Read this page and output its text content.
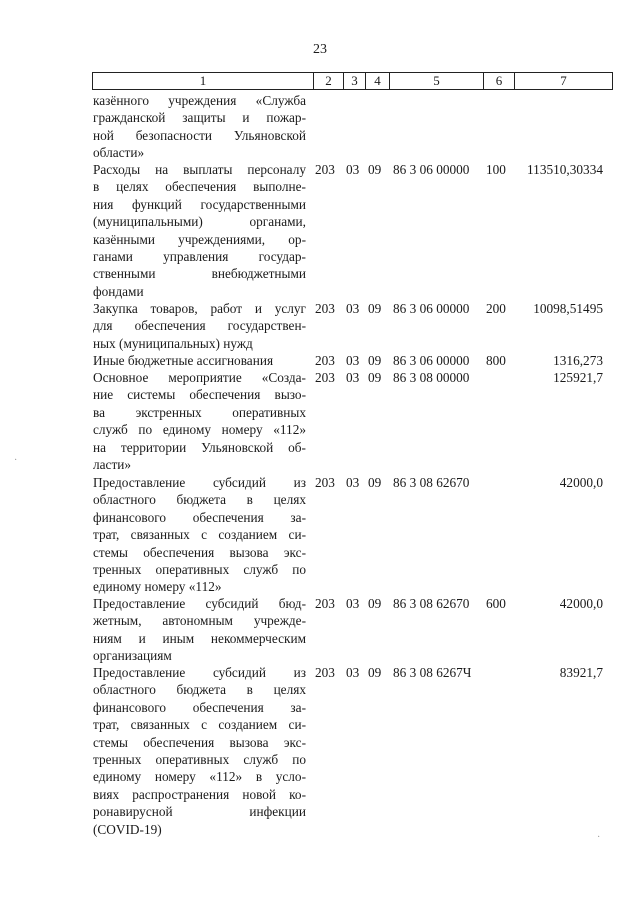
23
1	2	3	4	5	6	7
казённого учреждения «Служба
гражданской защиты и пожар-
ной безопасности Ульяновской
области»
Расходы на выплаты персоналу
в целях обеспечения выполне-
ния функций государственными
(муниципальными) органами,
казёнными учреждениями, ор-
ганами управления государ-
ственными внебюджетными
фондами
203 03 09 86 3 06 00000 100	113510,30334
Закупка товаров, работ и услуг
для обеспечения государствен-
ных (муниципальных) нужд
203 03 09 86 3 06 00000 200	10098,51495
Иные бюджетные ассигнования	203 03 09 86 3 06 00000 800	1316,273
Основное мероприятие «Созда-
ние системы обеспечения вызо-
ва экстренных оперативных
служб по единому номеру «112»
на территории Ульяновской об-
ласти»
203 03 09 86 3 08 00000	125921,7
Предоставление субсидий из
областного бюджета в целях
финансового обеспечения за-
трат, связанных с созданием си-
стемы обеспечения вызова экс-
тренных оперативных служб по
единому номеру «112»
203 03 09 86 3 08 62670	42000,0
Предоставление субсидий бюд-
жетным, автономным учрежде-
ниям и иным некоммерческим
организациям
203 03 09 86 3 08 62670 600	42000,0
Предоставление субсидий из
областного бюджета в целях
финансового обеспечения за-
трат, связанных с созданием си-
стемы обеспечения вызова экс-
тренных оперативных служб по
единому номеру «112» в усло-
виях распространения новой ко-
ронавирусной инфекции
(COVID-19)
203 03 09 86 3 08 6267Ч	83921,7
·
·
